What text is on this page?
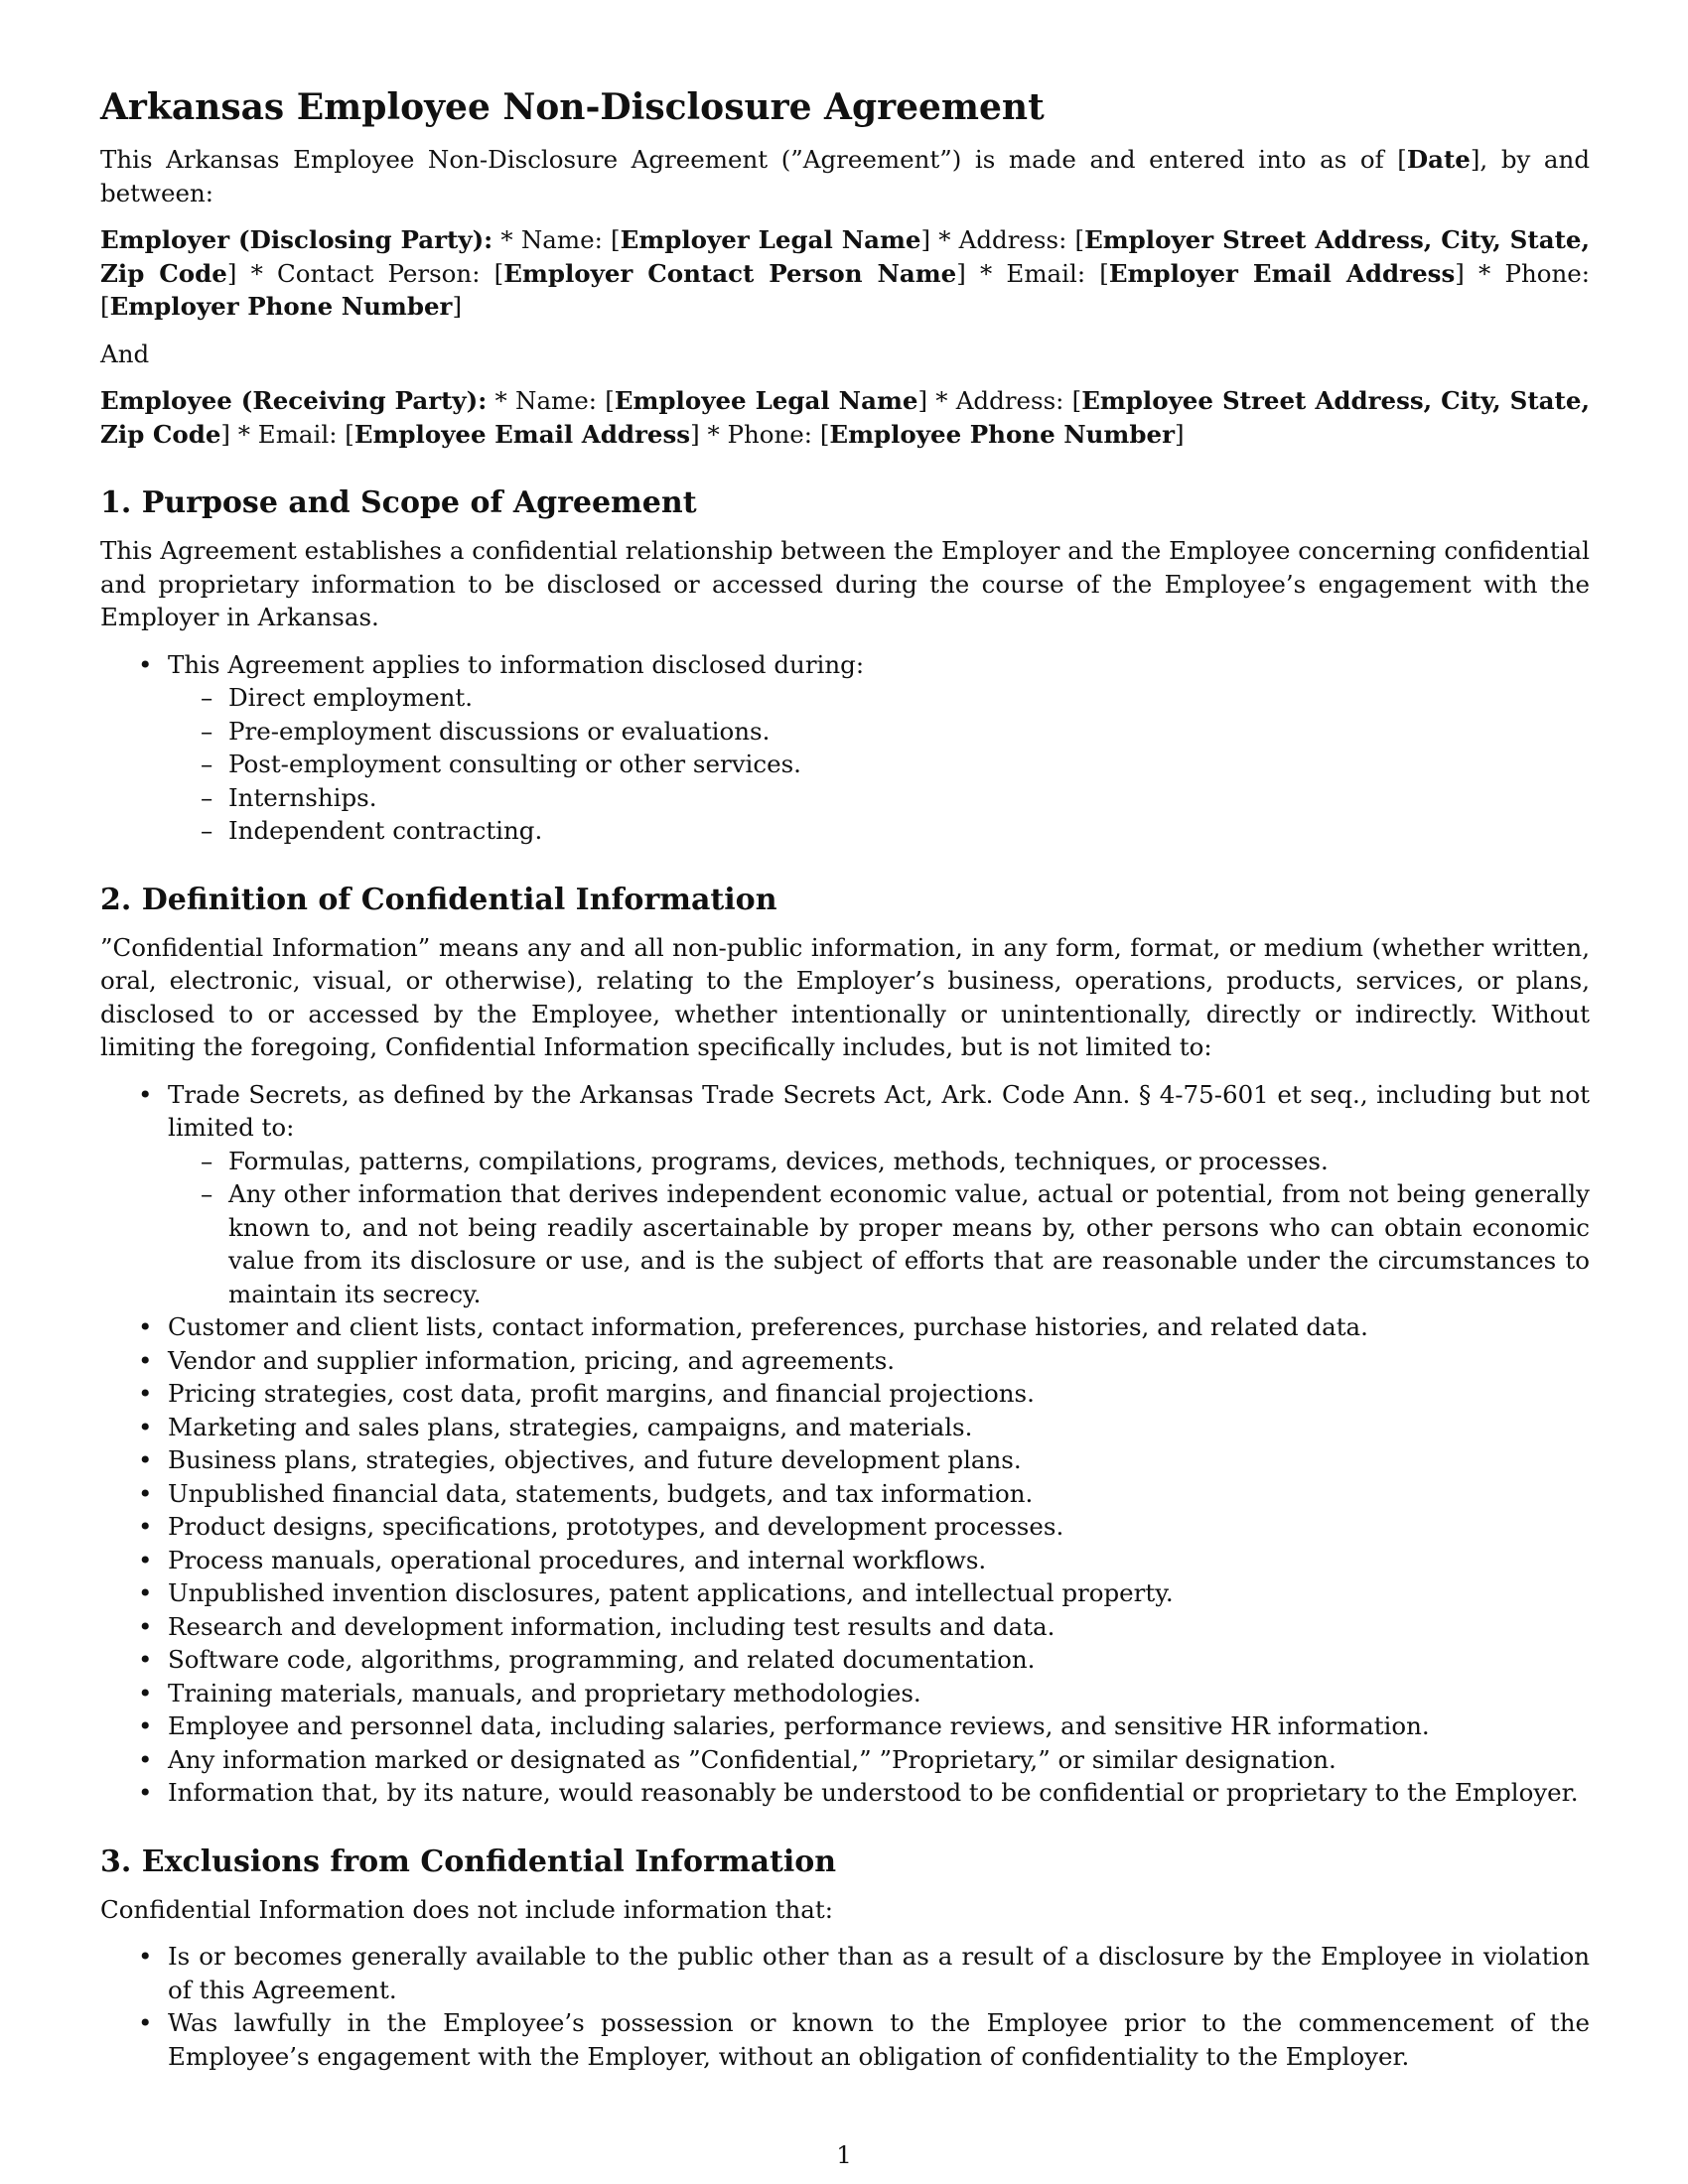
Arkansas Employee Non-Disclosure Agreement

This Arkansas Employee Non-Disclosure Agreement (”Agreement”) is made and entered into as of [Date], by and between:

Employer (Disclosing Party): * Name: [Employer Legal Name] * Address: [Employer Street Address, City, State, Zip Code] * Contact Person: [Employer Contact Person Name] * Email: [Employer Email Address] * Phone: [Employer Phone Number]

And

Employee (Receiving Party): * Name: [Employee Legal Name] * Address: [Employee Street Address, City, State, Zip Code] * Email: [Employee Email Address] * Phone: [Employee Phone Number]

1. Purpose and Scope of Agreement

This Agreement establishes a confidential relationship between the Employer and the Employee concerning confidential and proprietary information to be disclosed or accessed during the course of the Employee’s engagement with the Employer in Arkansas.

• This Agreement applies to information disclosed during:
– Direct employment.
– Pre-employment discussions or evaluations.
– Post-employment consulting or other services.
– Internships.
– Independent contracting.
2. Definition of Confidential Information

”Confidential Information” means any and all non-public information, in any form, format, or medium (whether written, oral, electronic, visual, or otherwise), relating to the Employer’s business, operations, products, services, or plans, disclosed to or accessed by the Employee, whether intentionally or unintentionally, directly or indirectly. Without limiting the foregoing, Confidential Information specifically includes, but is not limited to:

• Trade Secrets, as defined by the Arkansas Trade Secrets Act, Ark. Code Ann. § 4-75-601 et seq., including but not limited to:
– Formulas, patterns, compilations, programs, devices, methods, techniques, or processes.
– Any other information that derives independent economic value, actual or potential, from not being generally known to, and not being readily ascertainable by proper means by, other persons who can obtain economic value from its disclosure or use, and is the subject of efforts that are reasonable under the circumstances to maintain its secrecy.
• Customer and client lists, contact information, preferences, purchase histories, and related data.
• Vendor and supplier information, pricing, and agreements.
• Pricing strategies, cost data, profit margins, and financial projections.
• Marketing and sales plans, strategies, campaigns, and materials.
• Business plans, strategies, objectives, and future development plans.
• Unpublished financial data, statements, budgets, and tax information.
• Product designs, specifications, prototypes, and development processes.
• Process manuals, operational procedures, and internal workflows.
• Unpublished invention disclosures, patent applications, and intellectual property.
• Research and development information, including test results and data.
• Software code, algorithms, programming, and related documentation.
• Training materials, manuals, and proprietary methodologies.
• Employee and personnel data, including salaries, performance reviews, and sensitive HR information.
• Any information marked or designated as ”Confidential,” ”Proprietary,” or similar designation.
• Information that, by its nature, would reasonably be understood to be confidential or proprietary to the Employer.
3. Exclusions from Confidential Information

Confidential Information does not include information that:

• Is or becomes generally available to the public other than as a result of a disclosure by the Employee in violation of this Agreement.
• Was lawfully in the Employee’s possession or known to the Employee prior to the commencement of the Employee’s engagement with the Employer, without an obligation of confidentiality to the Employer.
1
